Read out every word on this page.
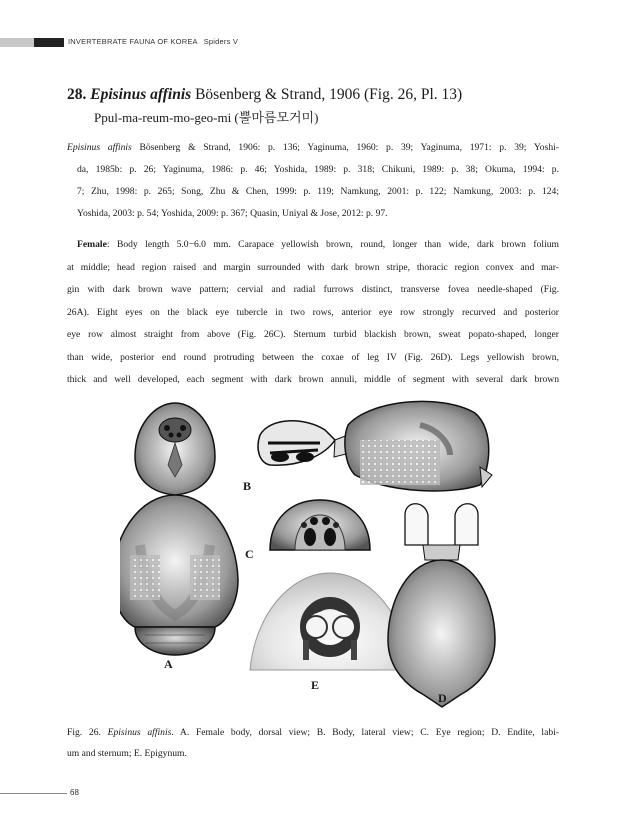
INVERTEBRATE FAUNA OF KOREA Spiders V
28. Episinus affinis Bösenberg & Strand, 1906 (Fig. 26, Pl. 13)
Ppul-ma-reum-mo-geo-mi (뿔마름모거미)
Episinus affinis Bösenberg & Strand, 1906: p. 136; Yaginuma, 1960: p. 39; Yaginuma, 1971: p. 39; Yoshi-
da, 1985b: p. 26; Yaginuma, 1986: p. 46; Yoshida, 1989: p. 318; Chikuni, 1989: p. 38; Okuma, 1994: p.
7; Zhu, 1998: p. 265; Song, Zhu & Chen, 1999: p. 119; Namkung, 2001: p. 122; Namkung, 2003: p. 124;
Yoshida, 2003: p. 54; Yoshida, 2009: p. 367; Quasin, Uniyal & Jose, 2012: p. 97.
Female: Body length 5.0−6.0 mm. Carapace yellowish brown, round, longer than wide, dark brown folium
at middle; head region raised and margin surrounded with dark brown stripe, thoracic region convex and mar-
gin with dark brown wave pattern; cervial and radial furrows distinct, transverse fovea needle-shaped (Fig.
26A). Eight eyes on the black eye tubercle in two rows, anterior eye row strongly recurved and posterior
eye row almost straight from above (Fig. 26C). Sternum turbid blackish brown, sweat popato-shaped, longer
than wide, posterior end round protruding between the coxae of leg IV (Fig. 26D). Legs yellowish brown,
thick and well developed, each segment with dark brown annuli, middle of segment with several dark brown
B
C
A
E
D
Fig. 26. Episinus affinis. A. Female body, dorsal view; B. Body, lateral view; C. Eye region; D. Endite, labi-
um and sternum; E. Epigynum.
68
